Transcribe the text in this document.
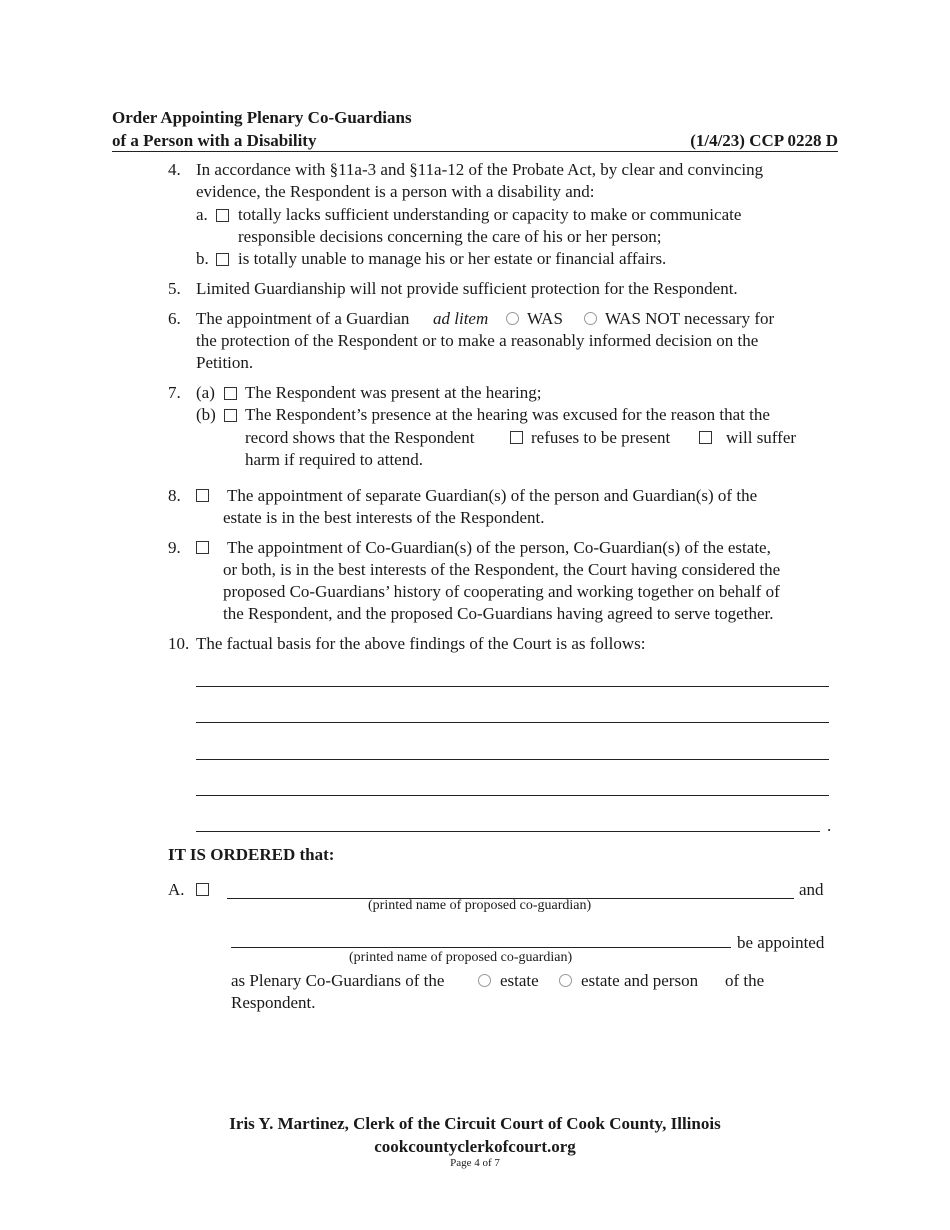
Order Appointing Plenary Co-Guardians
of a Person with a Disability	(1/4/23) CCP 0228 D
4. In accordance with §11a-3 and §11a-12 of the Probate Act, by clear and convincing
evidence, the Respondent is a person with a disability and:
a. totally lacks sufficient understanding or capacity to make or communicate
responsible decisions concerning the care of his or her person;
b. is totally unable to manage his or her estate or financial affairs.
5. Limited Guardianship will not provide sufficient protection for the Respondent.
6. The appointment of a Guardian ad litem WAS WAS NOT necessary for
the protection of the Respondent or to make a reasonably informed decision on the
Petition.
7. (a) The Respondent was present at the hearing;
(b) The Respondent’s presence at the hearing was excused for the reason that the
record shows that the Respondent	refuses to be present	will suffer
harm if required to attend.
8.	The appointment of separate Guardian(s) of the person and Guardian(s) of the
estate is in the best interests of the Respondent.
9.	The appointment of Co-Guardian(s) of the person, Co-Guardian(s) of the estate,
or both, is in the best interests of the Respondent, the Court having considered the
proposed Co-Guardians’ history of cooperating and working together on behalf of
the Respondent, and the proposed Co-Guardians having agreed to serve together.
10. The factual basis for the above findings of the Court is as follows:
.
IT IS ORDERED that:
A.	and
(printed name of proposed co-guardian)
be appointed
(printed name of proposed co-guardian)
as Plenary Co-Guardians of the	estate estate and person of the
Respondent.
Iris Y. Martinez, Clerk of the Circuit Court of Cook County, Illinois
cookcountyclerkofcourt.org
Page 4 of 7
